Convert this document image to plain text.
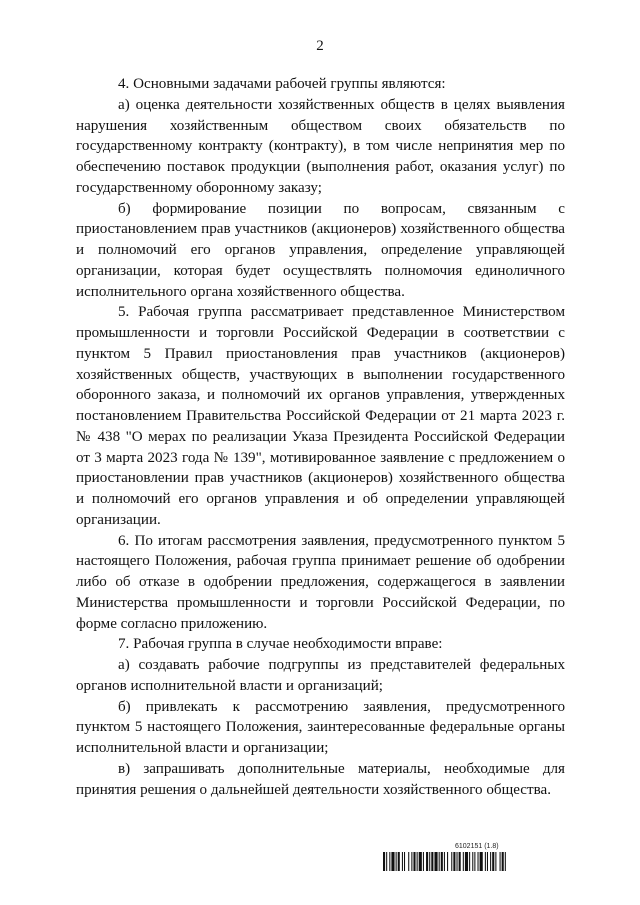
2

4. Основными задачами рабочей группы являются:

а) оценка деятельности хозяйственных обществ в целях выявления нарушения хозяйственным обществом своих обязательств по государственному контракту (контракту), в том числе непринятия мер по обеспечению поставок продукции (выполнения работ, оказания услуг) по государственному оборонному заказу;

б) формирование позиции по вопросам, связанным с приостановлением прав участников (акционеров) хозяйственного общества и полномочий его органов управления, определение управляющей организации, которая будет осуществлять полномочия единоличного исполнительного органа хозяйственного общества.

5. Рабочая группа рассматривает представленное Министерством промышленности и торговли Российской Федерации в соответствии с пунктом 5 Правил приостановления прав участников (акционеров) хозяйственных обществ, участвующих в выполнении государственного оборонного заказа, и полномочий их органов управления, утвержденных постановлением Правительства Российской Федерации от 21 марта 2023 г. № 438 "О мерах по реализации Указа Президента Российской Федерации от 3 марта 2023 года № 139", мотивированное заявление с предложением о приостановлении прав участников (акционеров) хозяйственного общества и полномочий его органов управления и об определении управляющей организации.

6. По итогам рассмотрения заявления, предусмотренного пунктом 5 настоящего Положения, рабочая группа принимает решение об одобрении либо об отказе в одобрении предложения, содержащегося в заявлении Министерства промышленности и торговли Российской Федерации, по форме согласно приложению.

7. Рабочая группа в случае необходимости вправе:

а) создавать рабочие подгруппы из представителей федеральных органов исполнительной власти и организаций;

б) привлекать к рассмотрению заявления, предусмотренного пунктом 5 настоящего Положения, заинтересованные федеральные органы исполнительной власти и организации;

в) запрашивать дополнительные материалы, необходимые для принятия решения о дальнейшей деятельности хозяйственного общества.

6102151 (1.8)
